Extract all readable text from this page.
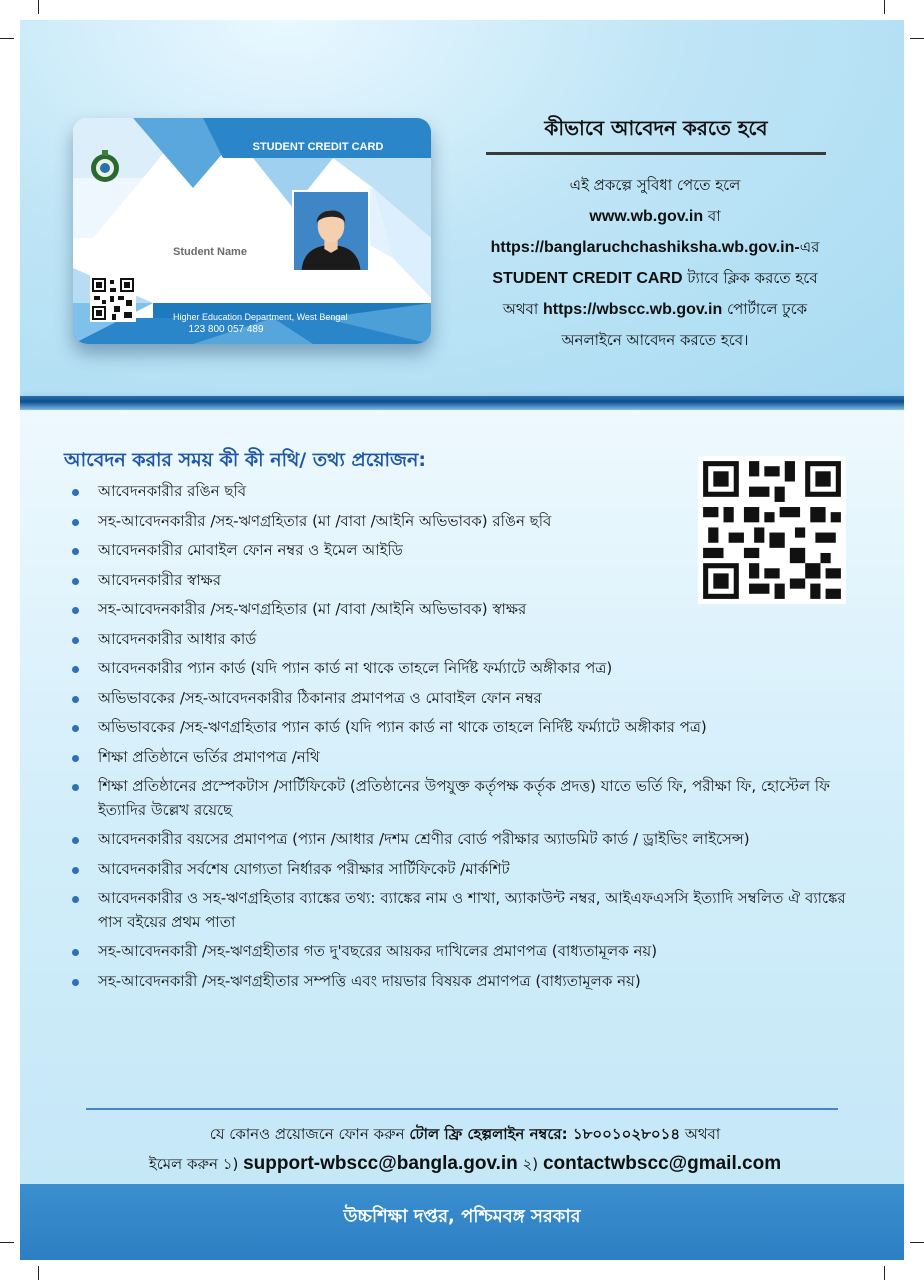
STUDENT CREDIT CARD
Student Name
Higher Education Department, West Bengal
123 800 057 489
কীভাবে আবেদন করতে হবে
এই প্রকল্পে সুবিধা পেতে হলে
www.wb.gov.in বা
https://banglaruchchashiksha.wb.gov.in-এর
STUDENT CREDIT CARD ট্যাবে ক্লিক করতে হবে
অথবা https://wbscc.wb.gov.in পোর্টালে ঢুকে
অনলাইনে আবেদন করতে হবে।
আবেদন করার সময় কী কী নথি/ তথ্য প্রয়োজন:
আবেদনকারীর রঙিন ছবি
সহ-আবেদনকারীর /সহ-ঋণগ্রহিতার (মা /বাবা /আইনি অভিভাবক) রঙিন ছবি
আবেদনকারীর মোবাইল ফোন নম্বর ও ইমেল আইডি
আবেদনকারীর স্বাক্ষর
সহ-আবেদনকারীর /সহ-ঋণগ্রহিতার (মা /বাবা /আইনি অভিভাবক) স্বাক্ষর
আবেদনকারীর আধার কার্ড
আবেদনকারীর প্যান কার্ড (যদি প্যান কার্ড না থাকে তাহলে নির্দিষ্ট ফর্ম্যাটে অঙ্গীকার পত্র)
অভিভাবকের /সহ-আবেদনকারীর ঠিকানার প্রমাণপত্র ও মোবাইল ফোন নম্বর
অভিভাবকের /সহ-ঋণগ্রহিতার প্যান কার্ড (যদি প্যান কার্ড না থাকে তাহলে নির্দিষ্ট ফর্ম্যাটে অঙ্গীকার পত্র)
শিক্ষা প্রতিষ্ঠানে ভর্তির প্রমাণপত্র /নথি
শিক্ষা প্রতিষ্ঠানের প্রস্পেকটাস /সার্টিফিকেট (প্রতিষ্ঠানের উপযুক্ত কর্তৃপক্ষ কর্তৃক প্রদত্ত) যাতে ভর্তি ফি, পরীক্ষা ফি, হোস্টেল ফি ইত্যাদির উল্লেখ রয়েছে
আবেদনকারীর বয়সের প্রমাণপত্র (প্যান /আধার /দশম শ্রেণীর বোর্ড পরীক্ষার অ্যাডমিট কার্ড / ড্রাইভিং লাইসেন্স)
আবেদনকারীর সর্বশেষ যোগ্যতা নির্ধারক পরীক্ষার সার্টিফিকেট /মার্কশিট
আবেদনকারীর ও সহ-ঋণগ্রহিতার ব্যাঙ্কের তথ্য: ব্যাঙ্কের নাম ও শাখা, অ্যাকাউন্ট নম্বর, আইএফএসসি ইত্যাদি সম্বলিত ঐ ব্যাঙ্কের পাস বইয়ের প্রথম পাতা
সহ-আবেদনকারী /সহ-ঋণগ্রহীতার গত দু'বছরের আয়কর দাখিলের প্রমাণপত্র (বাধ্যতামূলক নয়)
সহ-আবেদনকারী /সহ-ঋণগ্রহীতার সম্পত্তি এবং দায়ভার বিষয়ক প্রমাণপত্র (বাধ্যতামূলক নয়)
যে কোনও প্রয়োজনে ফোন করুন টোল ফ্রি হেল্পলাইন নম্বরে: ১৮০০১০২৮০১৪ অথবা
ইমেল করুন ১) support-wbscc@bangla.gov.in ২) contactwbscc@gmail.com
উচ্চশিক্ষা দপ্তর, পশ্চিমবঙ্গ সরকার
